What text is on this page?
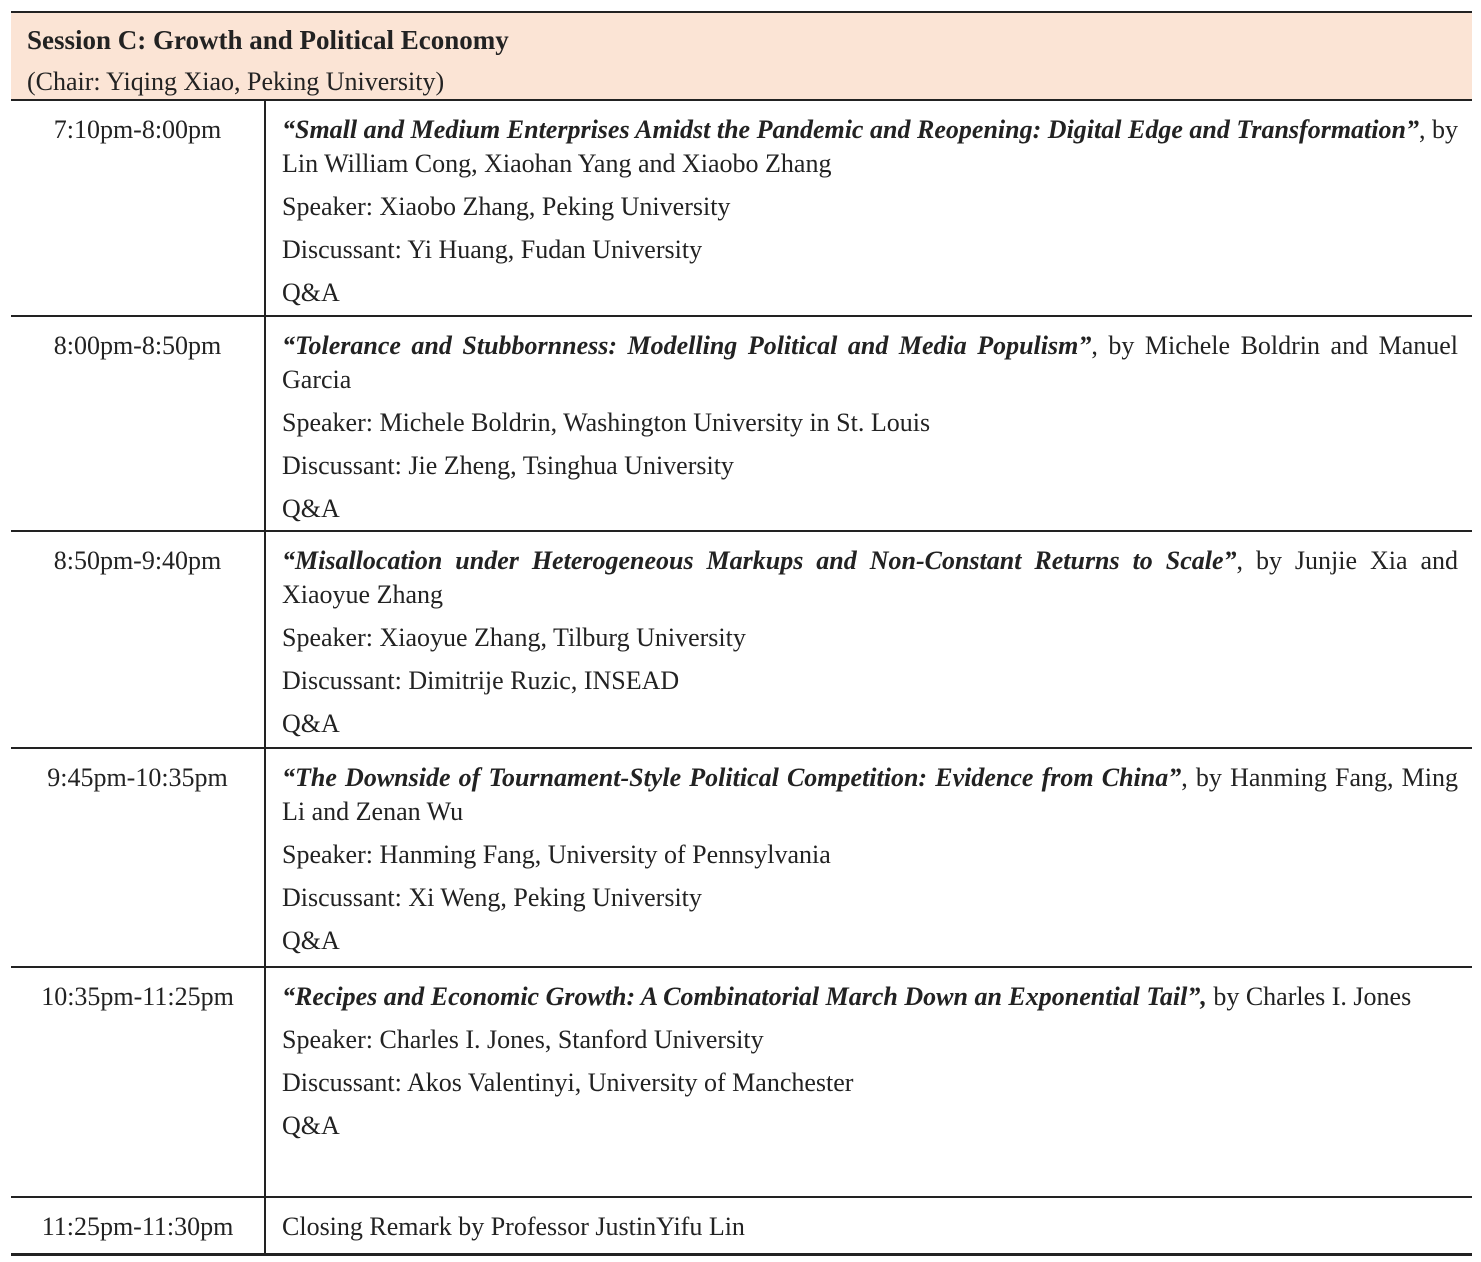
Session C: Growth and Political Economy
(Chair: Yiqing Xiao, Peking University)
7:10pm-8:00pm	“Small and Medium Enterprises Amidst the Pandemic and Reopening: Digital Edge and Transformation”, by Lin William Cong, Xiaohan Yang and Xiaobo Zhang
Speaker: Xiaobo Zhang, Peking University
Discussant: Yi Huang, Fudan University
Q&A
8:00pm-8:50pm	“Tolerance and Stubbornness: Modelling Political and Media Populism”, by Michele Boldrin and Manuel Garcia
Speaker: Michele Boldrin, Washington University in St. Louis
Discussant: Jie Zheng, Tsinghua University
Q&A
8:50pm-9:40pm	“Misallocation under Heterogeneous Markups and Non-Constant Returns to Scale”, by Junjie Xia and Xiaoyue Zhang
Speaker: Xiaoyue Zhang, Tilburg University
Discussant: Dimitrije Ruzic, INSEAD
Q&A
9:45pm-10:35pm	“The Downside of Tournament-Style Political Competition: Evidence from China”, by Hanming Fang, Ming Li and Zenan Wu
Speaker: Hanming Fang, University of Pennsylvania
Discussant: Xi Weng, Peking University
Q&A
10:35pm-11:25pm	“Recipes and Economic Growth: A Combinatorial March Down an Exponential Tail”, by Charles I. Jones
Speaker: Charles I. Jones, Stanford University
Discussant: Akos Valentinyi, University of Manchester
Q&A
11:25pm-11:30pm	Closing Remark by Professor JustinYifu Lin
